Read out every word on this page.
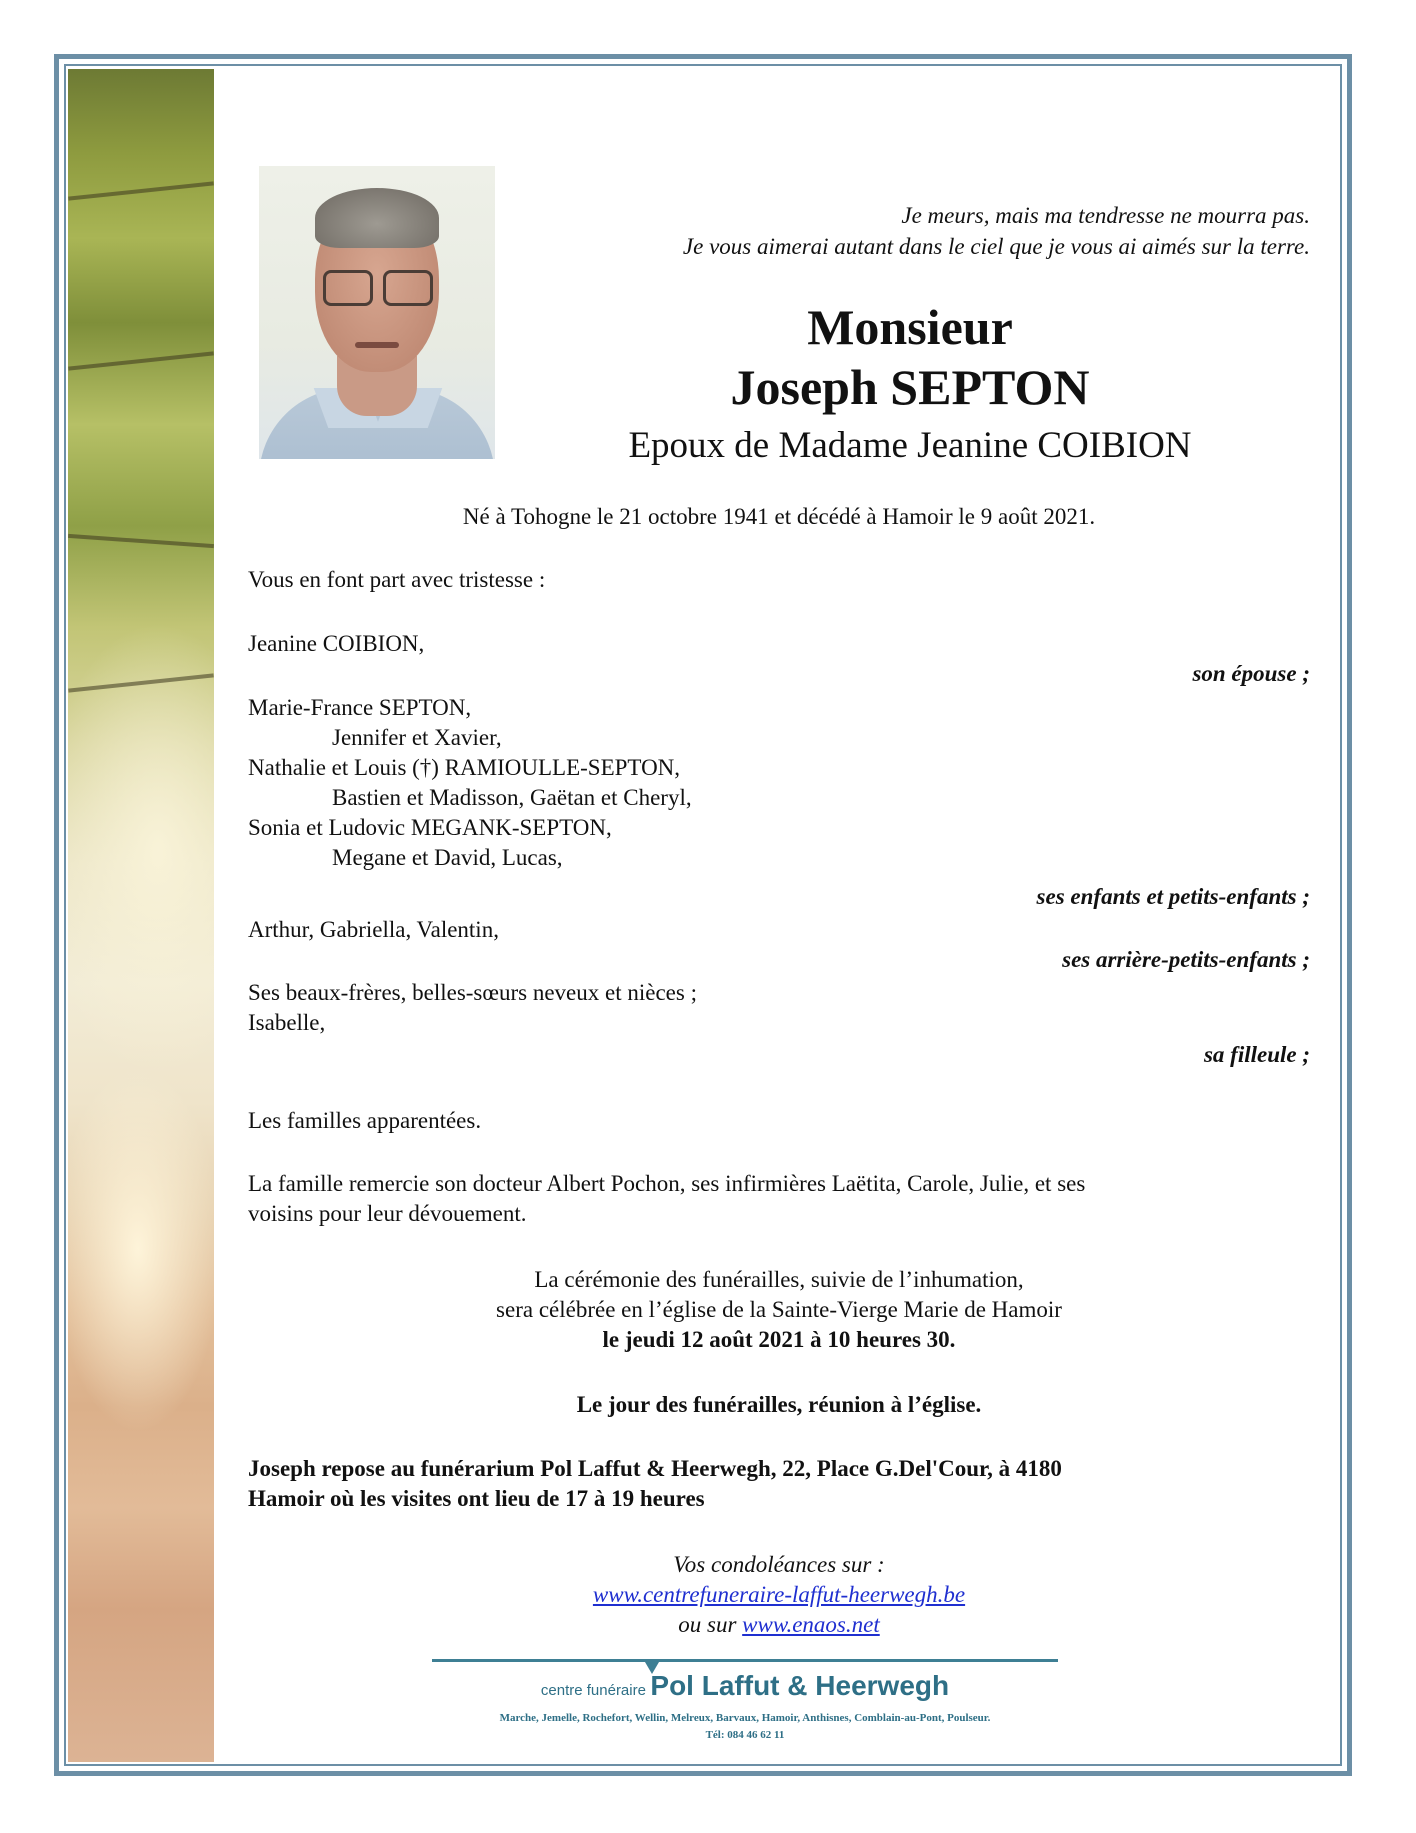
Je meurs, mais ma tendresse ne mourra pas.
Je vous aimerai autant dans le ciel que je vous ai aimés sur la terre.
Monsieur
Joseph SEPTON
Epoux de Madame Jeanine COIBION
Né à Tohogne le 21 octobre 1941 et décédé à Hamoir le 9 août 2021.
Vous en font part avec tristesse :
Jeanine COIBION,
son épouse ;
Marie-France SEPTON,
Jennifer et Xavier,
Nathalie et Louis (†) RAMIOULLE-SEPTON,
Bastien et Madisson, Gaëtan et Cheryl,
Sonia et Ludovic MEGANK-SEPTON,
Megane et David, Lucas,
ses enfants et petits-enfants ;
Arthur, Gabriella, Valentin,
ses arrière-petits-enfants ;
Ses beaux-frères, belles-sœurs neveux et nièces ;
Isabelle,
sa filleule ;
Les familles apparentées.
La famille remercie son docteur Albert Pochon, ses infirmières Laëtita, Carole, Julie, et ses
voisins pour leur dévouement.
La cérémonie des funérailles, suivie de l’inhumation,
sera célébrée en l’église de la Sainte-Vierge Marie de Hamoir
le jeudi 12 août 2021 à 10 heures 30.
Le jour des funérailles, réunion à l’église.
Joseph repose au funérarium Pol Laffut & Heerwegh, 22, Place G.Del'Cour, à 4180
Hamoir où les visites ont lieu de 17 à 19 heures
Vos condoléances sur :
www.centrefuneraire-laffut-heerwegh.be
ou sur www.enaos.net
centre funéraire Pol Laffut & Heerwegh
Marche, Jemelle, Rochefort, Wellin, Melreux, Barvaux, Hamoir, Anthisnes, Comblain-au-Pont, Poulseur.
Tél: 084 46 62 11
